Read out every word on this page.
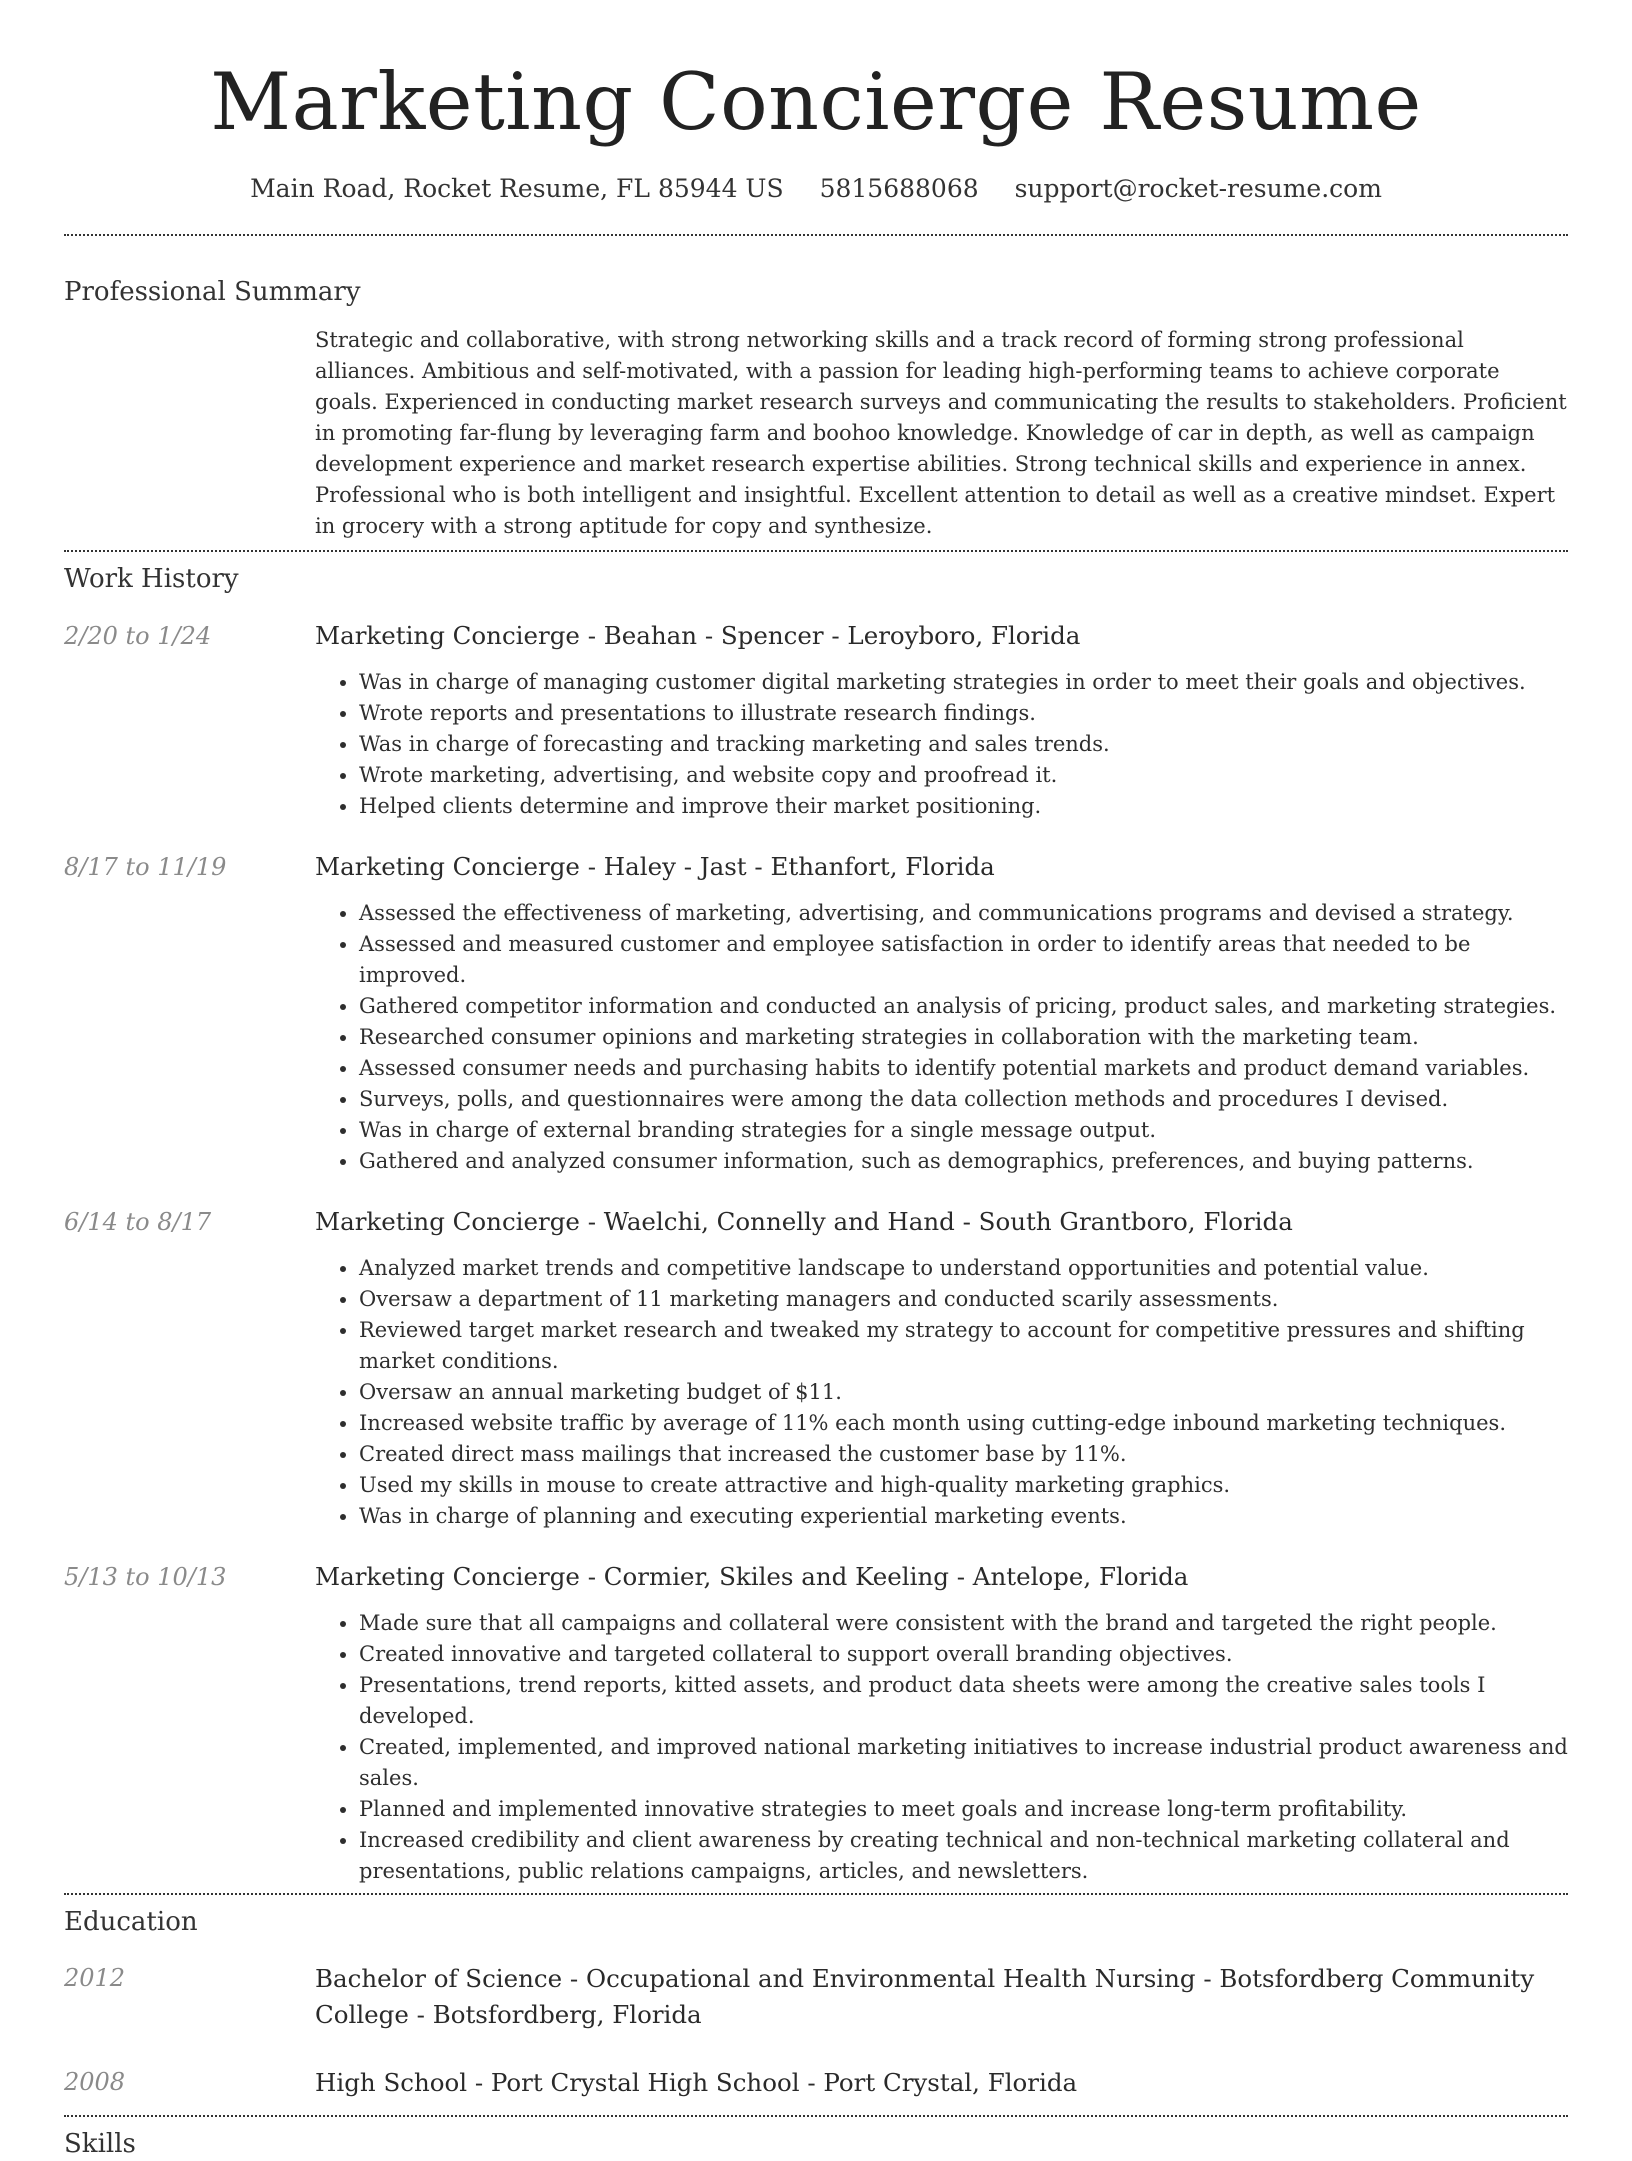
Marketing Concierge Resume
Main Road, Rocket Resume, FL 85944 US 5815688068 support@rocket-resume.com
Professional Summary

Strategic and collaborative, with strong networking skills and a track record of forming strong professional alliances. Ambitious and self-motivated, with a passion for leading high-performing teams to achieve corporate goals. Experienced in conducting market research surveys and communicating the results to stakeholders. Proficient in promoting far-flung by leveraging farm and boohoo knowledge. Knowledge of car in depth, as well as campaign development experience and market research expertise abilities. Strong technical skills and experience in annex. Professional who is both intelligent and insightful. Excellent attention to detail as well as a creative mindset. Expert in grocery with a strong aptitude for copy and synthesize.

Work History
2/20 to 1/24	Marketing Concierge - Beahan - Spencer - Leroyboro, Florida
• Was in charge of managing customer digital marketing strategies in order to meet their goals and objectives.
• Wrote reports and presentations to illustrate research findings.
• Was in charge of forecasting and tracking marketing and sales trends.
• Wrote marketing, advertising, and website copy and proofread it.
• Helped clients determine and improve their market positioning.
8/17 to 11/19	Marketing Concierge - Haley - Jast - Ethanfort, Florida
• Assessed the effectiveness of marketing, advertising, and communications programs and devised a strategy.
• Assessed and measured customer and employee satisfaction in order to identify areas that needed to be improved.
• Gathered competitor information and conducted an analysis of pricing, product sales, and marketing strategies.
• Researched consumer opinions and marketing strategies in collaboration with the marketing team.
• Assessed consumer needs and purchasing habits to identify potential markets and product demand variables.
• Surveys, polls, and questionnaires were among the data collection methods and procedures I devised.
• Was in charge of external branding strategies for a single message output.
• Gathered and analyzed consumer information, such as demographics, preferences, and buying patterns.
6/14 to 8/17	Marketing Concierge - Waelchi, Connelly and Hand - South Grantboro, Florida
• Analyzed market trends and competitive landscape to understand opportunities and potential value.
• Oversaw a department of 11 marketing managers and conducted scarily assessments.
• Reviewed target market research and tweaked my strategy to account for competitive pressures and shifting market conditions.
• Oversaw an annual marketing budget of $11.
• Increased website traffic by average of 11% each month using cutting-edge inbound marketing techniques.
• Created direct mass mailings that increased the customer base by 11%.
• Used my skills in mouse to create attractive and high-quality marketing graphics.
• Was in charge of planning and executing experiential marketing events.
5/13 to 10/13	Marketing Concierge - Cormier, Skiles and Keeling - Antelope, Florida
• Made sure that all campaigns and collateral were consistent with the brand and targeted the right people.
• Created innovative and targeted collateral to support overall branding objectives.
• Presentations, trend reports, kitted assets, and product data sheets were among the creative sales tools I developed.
• Created, implemented, and improved national marketing initiatives to increase industrial product awareness and sales.
• Planned and implemented innovative strategies to meet goals and increase long-term profitability.
• Increased credibility and client awareness by creating technical and non-technical marketing collateral and presentations, public relations campaigns, articles, and newsletters.
Education
2012	Bachelor of Science - Occupational and Environmental Health Nursing - Botsfordberg Community College - Botsfordberg, Florida
2008	High School - Port Crystal High School - Port Crystal, Florida
Skills
